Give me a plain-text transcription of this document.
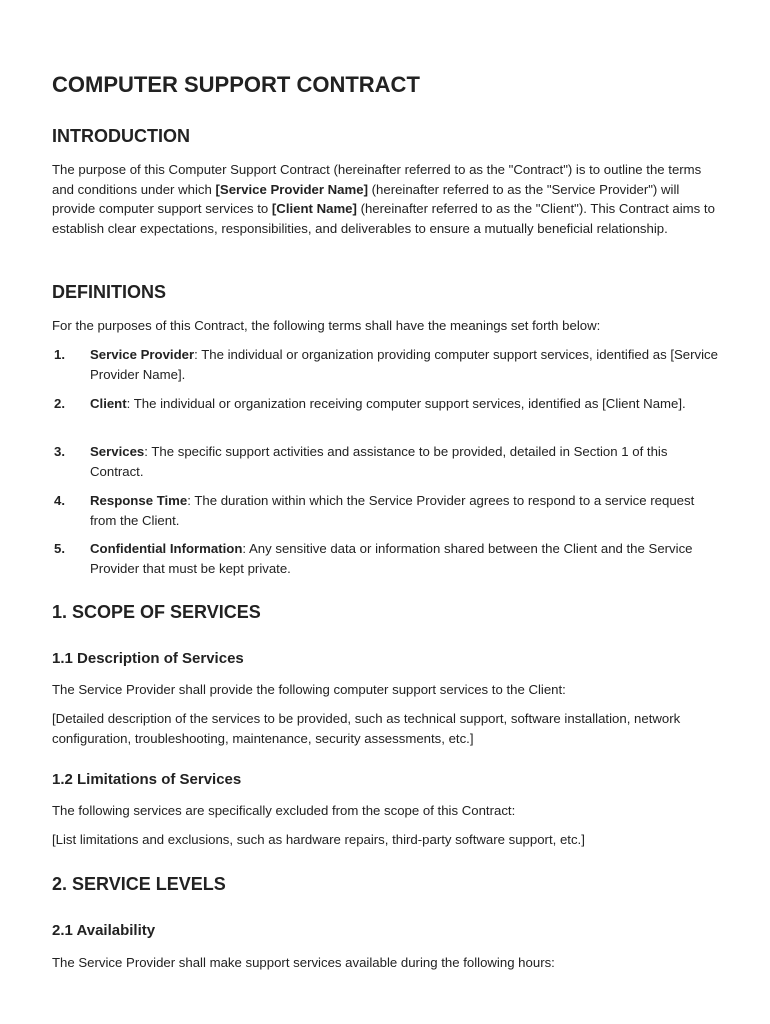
COMPUTER SUPPORT CONTRACT
INTRODUCTION

The purpose of this Computer Support Contract (hereinafter referred to as the "Contract") is to outline the terms and conditions under which [Service Provider Name] (hereinafter referred to as the "Service Provider") will provide computer support services to [Client Name] (hereinafter referred to as the "Client"). This Contract aims to establish clear expectations, responsibilities, and deliverables to ensure a mutually beneficial relationship.

DEFINITIONS

For the purposes of this Contract, the following terms shall have the meanings set forth below:

1. Service Provider: The individual or organization providing computer support services, identified as [Service Provider Name].

2. Client: The individual or organization receiving computer support services, identified as [Client Name].

3. Services: The specific support activities and assistance to be provided, detailed in Section 1 of this Contract.

4. Response Time: The duration within which the Service Provider agrees to respond to a service request from the Client.

5. Confidential Information: Any sensitive data or information shared between the Client and the Service Provider that must be kept private.

1. SCOPE OF SERVICES
1.1 Description of Services

The Service Provider shall provide the following computer support services to the Client:

[Detailed description of the services to be provided, such as technical support, software installation, network configuration, troubleshooting, maintenance, security assessments, etc.]

1.2 Limitations of Services

The following services are specifically excluded from the scope of this Contract:

[List limitations and exclusions, such as hardware repairs, third-party software support, etc.]

2. SERVICE LEVELS
2.1 Availability

The Service Provider shall make support services available during the following hours:
